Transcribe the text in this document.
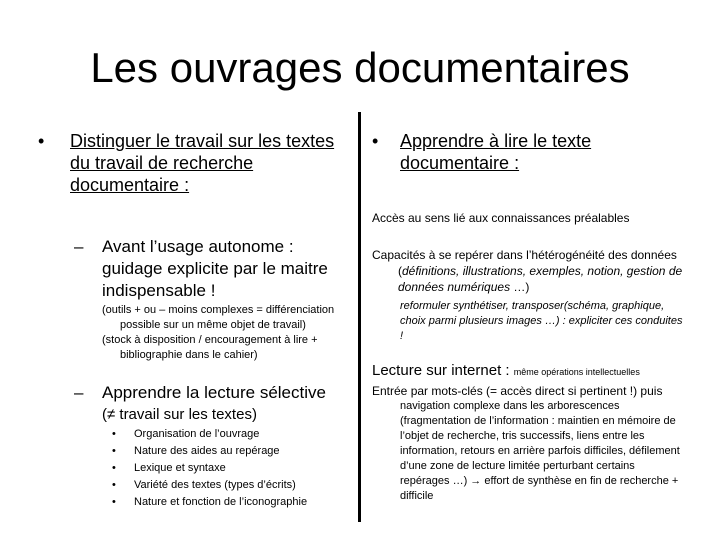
Les ouvrages documentaires
• Distinguer le travail sur les textes du travail de recherche documentaire :
– Avant l’usage autonome : guidage explicite par le maitre indispensable !

(outils + ou – moins complexes = différenciation possible sur un même objet de travail)

(stock à disposition / encouragement à lire + bibliographie dans le cahier)

– Apprendre la lecture sélective
(≠ travail sur les textes)
• Organisation de l’ouvrage
• Nature des aides au repérage
• Lexique et syntaxe
• Variété des textes (types d’écrits)
• Nature et fonction de l’iconographie
• Apprendre à lire le texte documentaire :
Accès au sens lié aux connaissances préalables
Capacités à se repérer dans l’hétérogénéité des données (définitions, illustrations, exemples, notion, gestion de données numériques …)
reformuler synthétiser, transposer(schéma, graphique, choix parmi plusieurs images …) : expliciter ces conduites !
Lecture sur internet : même opérations intellectuelles
Entrée par mots-clés (= accès direct si pertinent !) puis
navigation complexe dans les arborescences (fragmentation de l’information : maintien en mémoire de l’objet de recherche, tris successifs, liens entre les information, retours en arrière parfois difficiles, défilement d’une zone de lecture limitée perturbant certains repérages …) → effort de synthèse en fin de recherche + difficile
